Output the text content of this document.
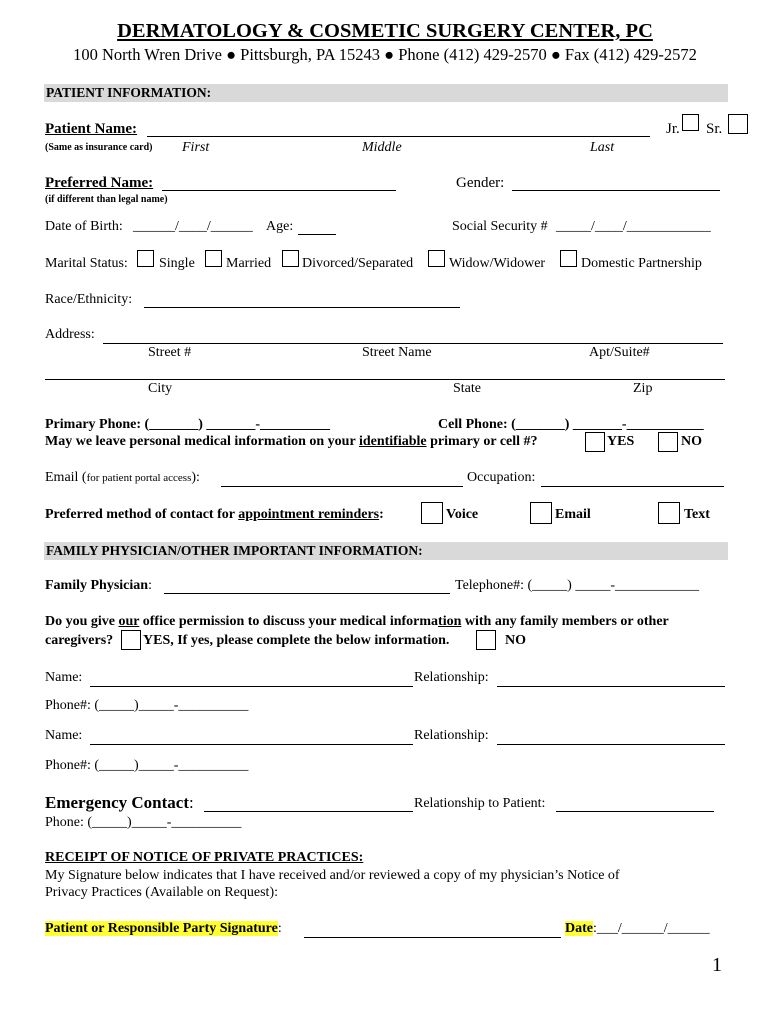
DERMATOLOGY & COSMETIC SURGERY CENTER, PC
100 North Wren Drive ● Pittsburgh, PA 15243 ● Phone (412) 429-2570 ● Fax (412) 429-2572
PATIENT INFORMATION:
Patient Name:	Jr. Sr.
(Same as insurance card) First	Middle	Last
Preferred Name:
(if different than legal name)
Gender:
Date of Birth: ______/____/______ Age:	Social Security # _____/____/____________
Marital Status: Single Married Divorced/Separated	Widow/Widower	Domestic Partnership
Race/Ethnicity:
Address:
Street #	Street Name	Apt/Suite#
City	State	Zip
Primary Phone: (_______) _______-__________	Cell Phone: (_______) _______-___________
May we leave personal medical information on your identifiable primary or cell #?	YES	NO
Email (for patient portal access):	Occupation:
Preferred method of contact for appointment reminders:	Voice	Email	Text
FAMILY PHYSICIAN/OTHER IMPORTANT INFORMATION:
Family Physician:	Telephone#: (_____) _____-____________
Do you give our office permission to discuss your medical information with any family members or other
caregivers? YES, If yes, please complete the below information.	NO
Name:	Relationship:
Phone#: (_____)_____-__________
Name:	Relationship:
Phone#: (_____)_____-__________
Emergency Contact:	Relationship to Patient:
Phone: (_____)_____-__________
RECEIPT OF NOTICE OF PRIVATE PRACTICES:
My Signature below indicates that I have received and/or reviewed a copy of my physician’s Notice of
Privacy Practices (Available on Request):
Patient or Responsible Party Signature:	Date:___/______/______
1
